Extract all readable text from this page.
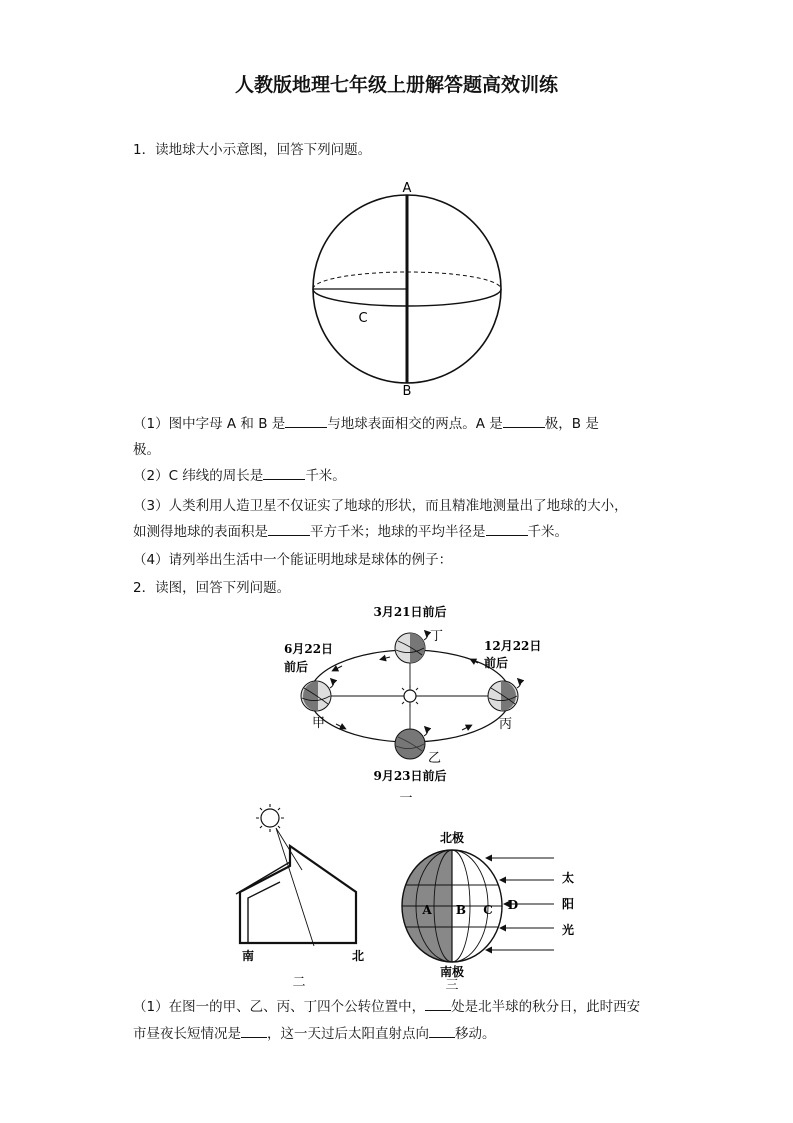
人教版地理七年级上册解答题高效训练
1．读地球大小示意图，回答下列问题。
A
C
B
（1）图中字母 A 和 B 是	与地球表面相交的两点。A 是	极，B 是
极。
（2）C 纬线的周长是	千米。
（3）人类利用人造卫星不仅证实了地球的形状，而且精准地测量出了地球的大小，
如测得地球的表面积是	平方千米；地球的平均半径是	千米。
（4）请列举出生活中一个能证明地球是球体的例子：
2．读图，回答下列问题。
3月21日前后
6月22日
前后
12月22日
前后
9月23日前后
丁
甲	丙
乙
一
南	北
二
北极
A B C D
太
阳
光
南极
三
（1）在图一的甲、乙、丙、丁四个公转位置中， 处是北半球的秋分日，此时西安
市昼夜长短情况是 ，这一天过后太阳直射点向 移动。
